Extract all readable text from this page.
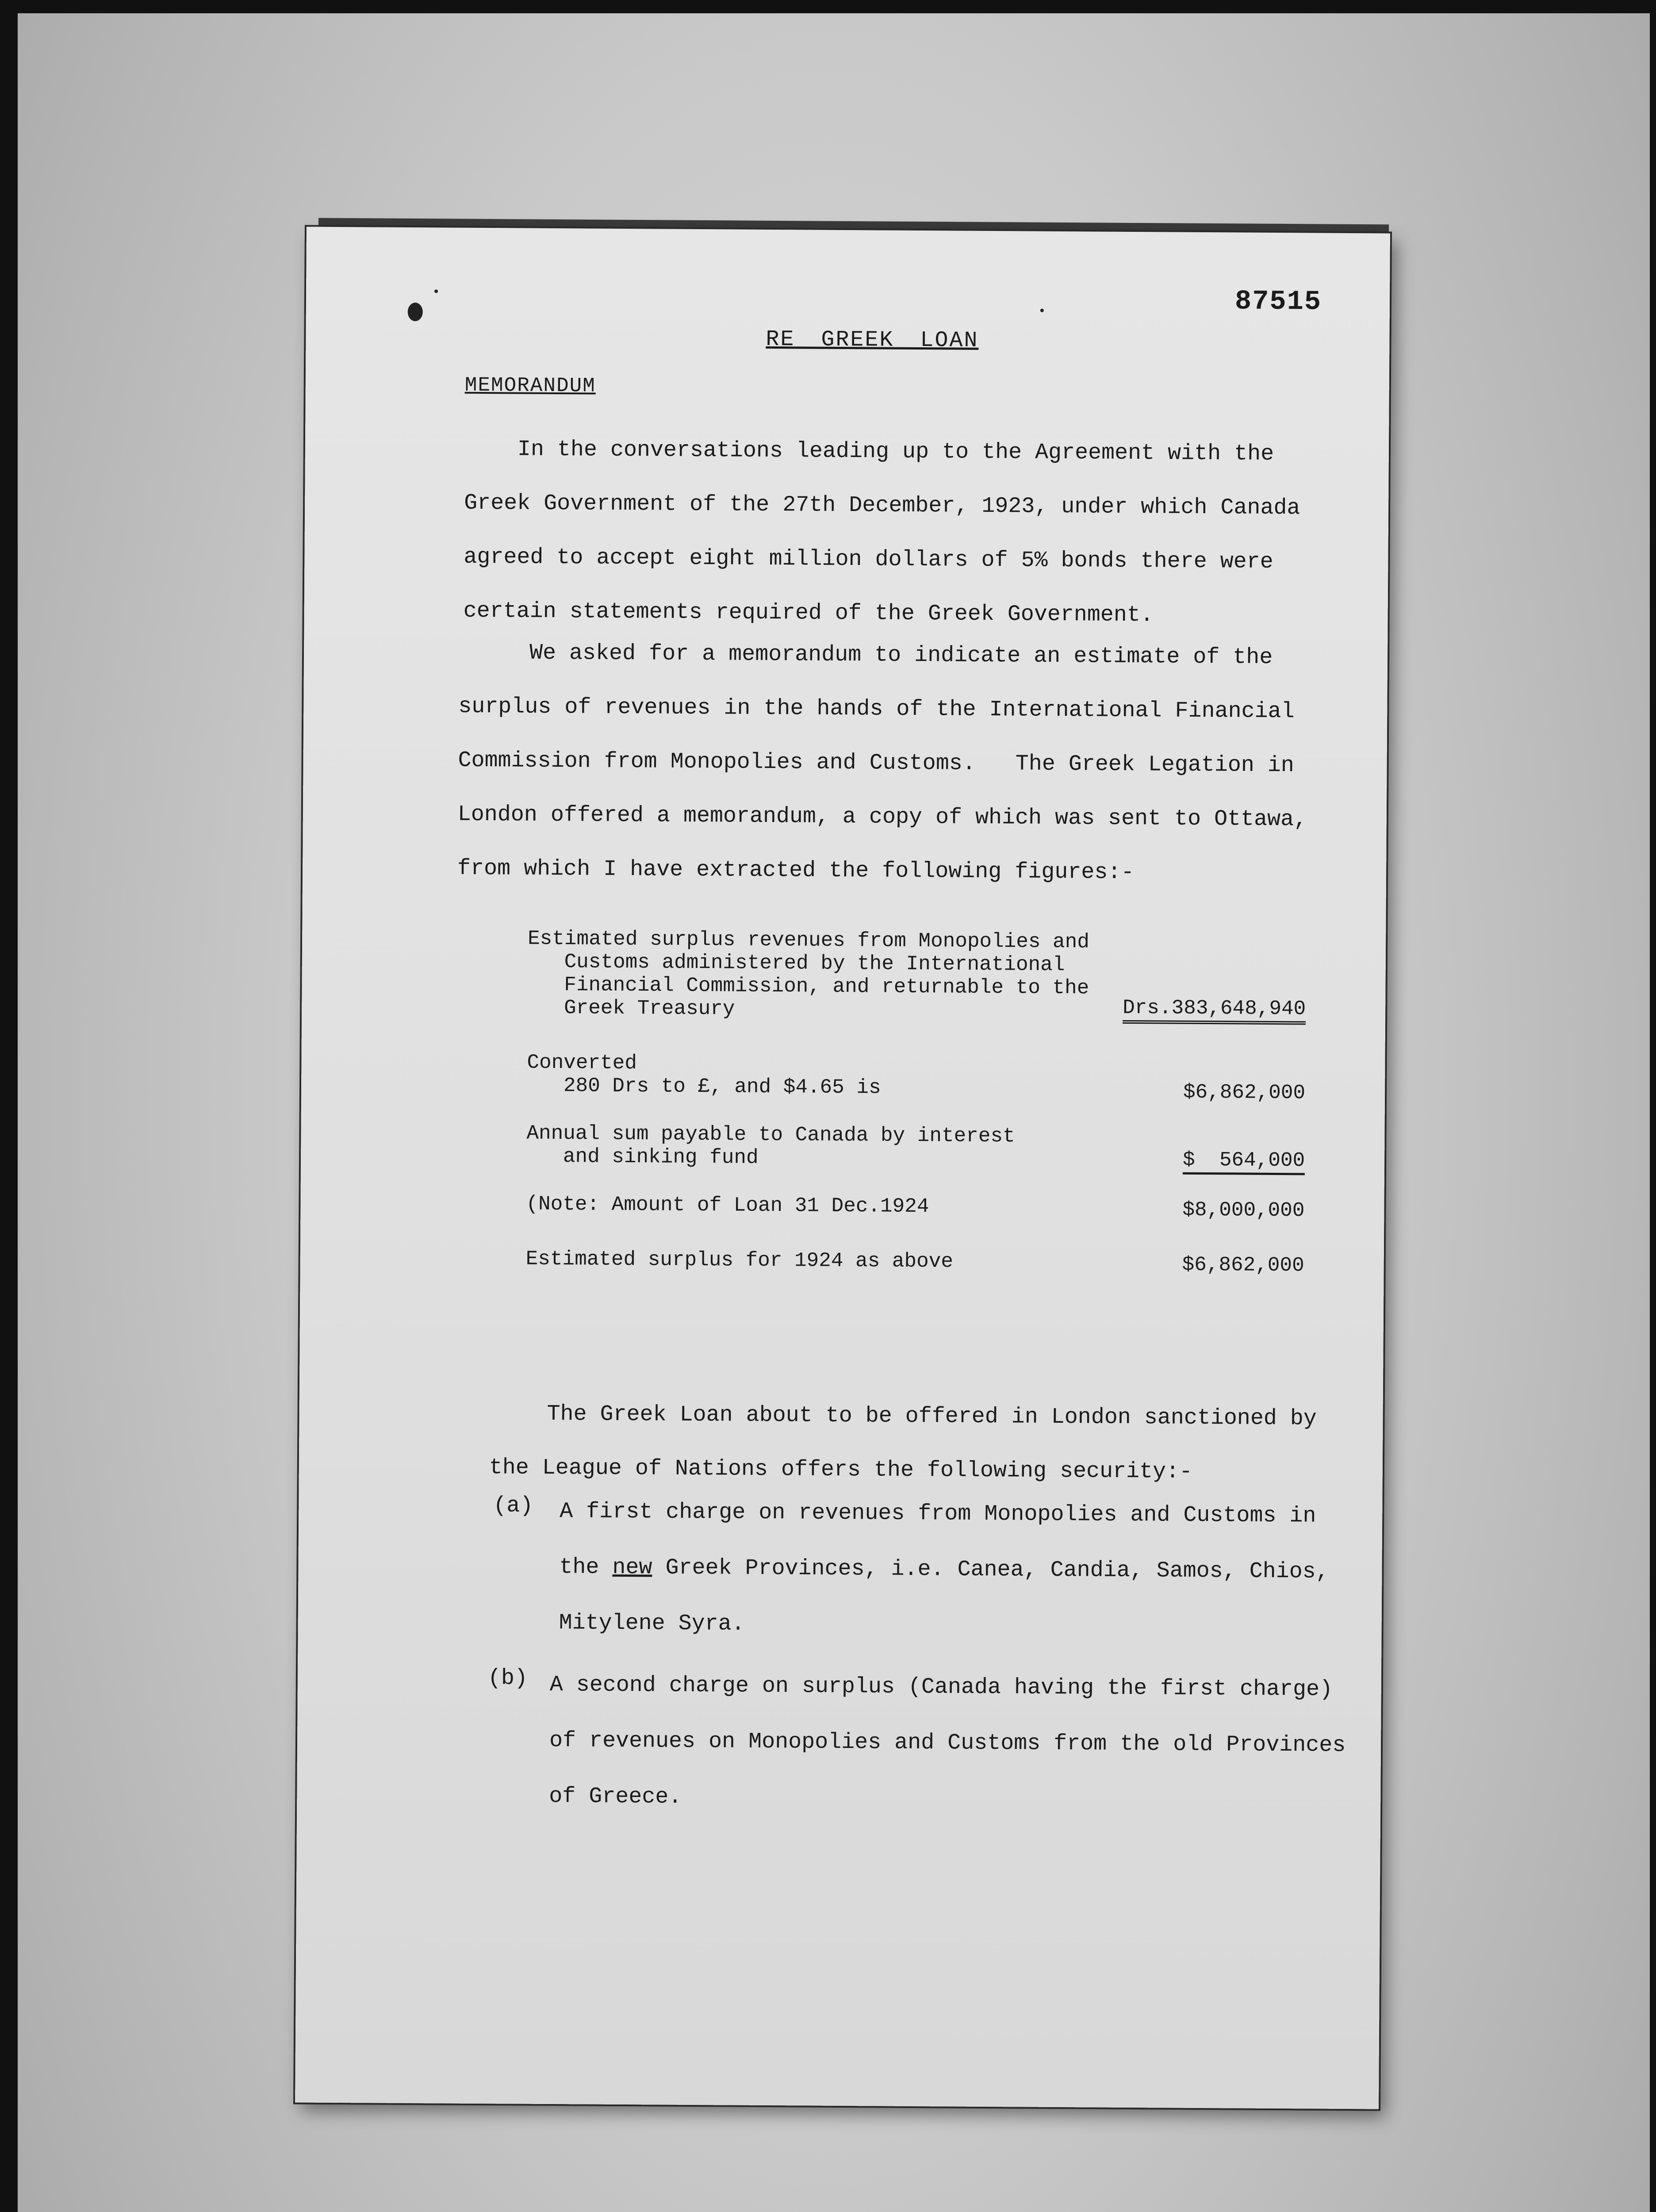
87515
RE GREEK LOAN
MEMORANDUM
In the conversations leading up to the Agreement with the
Greek Government of the 27th December, 1923, under which Canada
agreed to accept eight million dollars of 5% bonds there were
certain statements required of the Greek Government.
We asked for a memorandum to indicate an estimate of the
surplus of revenues in the hands of the International Financial
Commission from Monopolies and Customs.   The Greek Legation in
London offered a memorandum, a copy of which was sent to Ottawa,
from which I have extracted the following figures:-
Estimated surplus revenues from Monopolies and
Customs administered by the International
Financial Commission, and returnable to the
Greek Treasury	Drs.383,648,940
Converted
280 Drs to £, and $4.65 is	$6,862,000
Annual sum payable to Canada by interest
and sinking fund	$  564,000
(Note: Amount of Loan 31 Dec.1924	$8,000,000
Estimated surplus for 1924 as above	$6,862,000
The Greek Loan about to be offered in London sanctioned by
the League of Nations offers the following security:-
(a) A first charge on revenues from Monopolies and Customs in
the new Greek Provinces, i.e. Canea, Candia, Samos, Chios,
Mitylene Syra.
(b) A second charge on surplus (Canada having the first charge)
of revenues on Monopolies and Customs from the old Provinces
of Greece.
